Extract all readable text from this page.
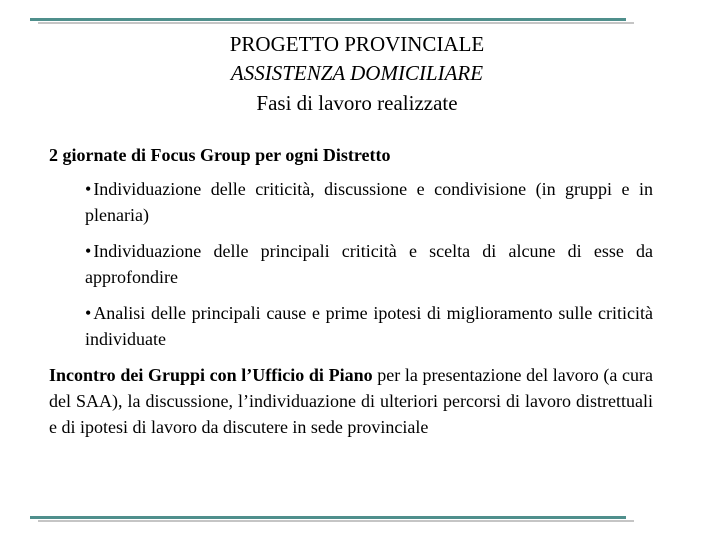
PROGETTO PROVINCIALE
ASSISTENZA DOMICILIARE
Fasi di lavoro realizzate
2 giornate di Focus Group per ogni Distretto
• Individuazione delle criticità, discussione e condivisione (in gruppi e in plenaria)
• Individuazione delle principali criticità e scelta di alcune di esse da approfondire
• Analisi delle principali cause e prime ipotesi di miglioramento sulle criticità individuate
Incontro dei Gruppi con l’Ufficio di Piano per la presentazione del lavoro (a cura del SAA), la discussione, l’individuazione di ulteriori percorsi di lavoro distrettuali e di ipotesi di lavoro da discutere in sede provinciale
